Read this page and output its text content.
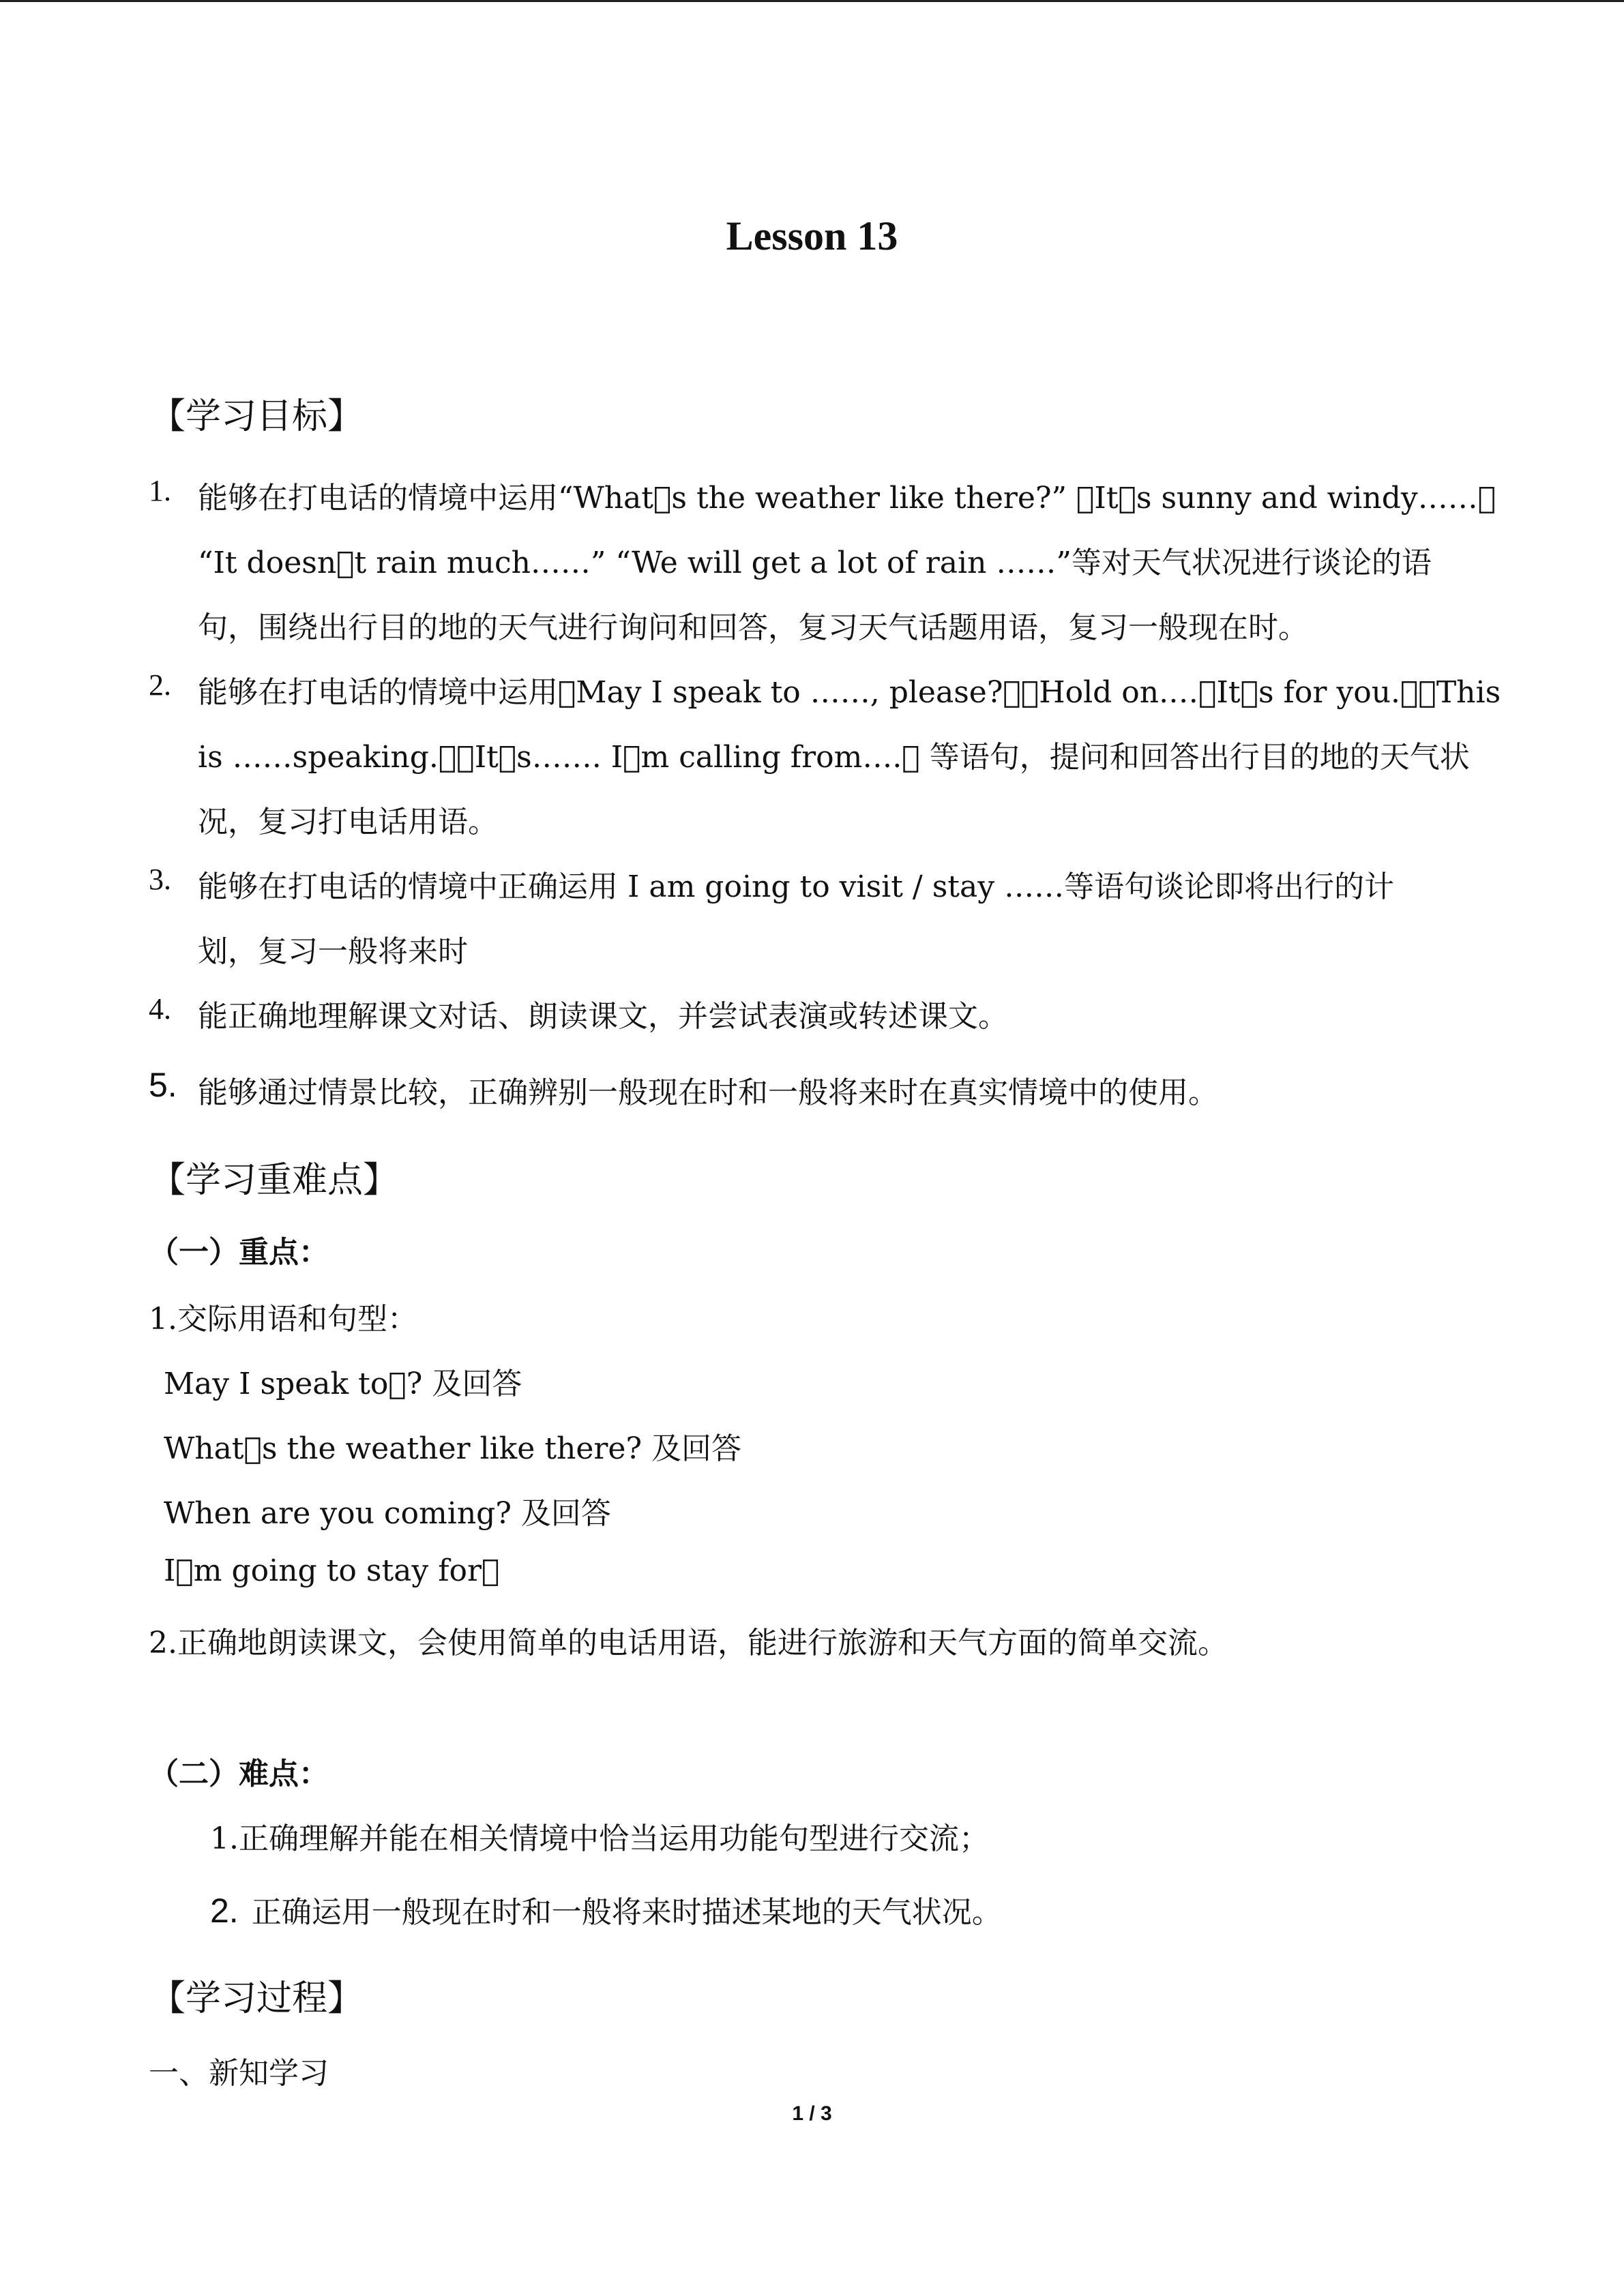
Lesson 13
【学习目标】
1. 能够在打电话的情境中运用“What s the weather like there?”  It s sunny and windy…… 
“It doesn t rain much……” “We will get a lot of rain ……”等对天气状况进行谈论的语
句，围绕出行目的地的天气进行询问和回答，复习天气话题用语，复习一般现在时。
2. 能够在打电话的情境中运用 May I speak to ……, please?  Hold on.…，It s for you.  This
is ……speaking.  It s……. I m calling from….  等语句，提问和回答出行目的地的天气状
况，复习打电话用语。
3. 能够在打电话的情境中正确运用 I am going to visit / stay ……等语句谈论即将出行的计
划，复习一般将来时
4. 能正确地理解课文对话、朗读课文，并尝试表演或转述课文。
5. 能够通过情景比较，正确辨别一般现在时和一般将来时在真实情境中的使用。
【学习重难点】
（一）重点：
1.交际用语和句型：
May I speak to ? 及回答
What s the weather like there? 及回答
When are you coming? 及回答
I m going to stay for 
2.正确地朗读课文，会使用简单的电话用语，能进行旅游和天气方面的简单交流。
（二）难点：
1.正确理解并能在相关情境中恰当运用功能句型进行交流；
2. 正确运用一般现在时和一般将来时描述某地的天气状况。
【学习过程】
一、新知学习
1 / 3
